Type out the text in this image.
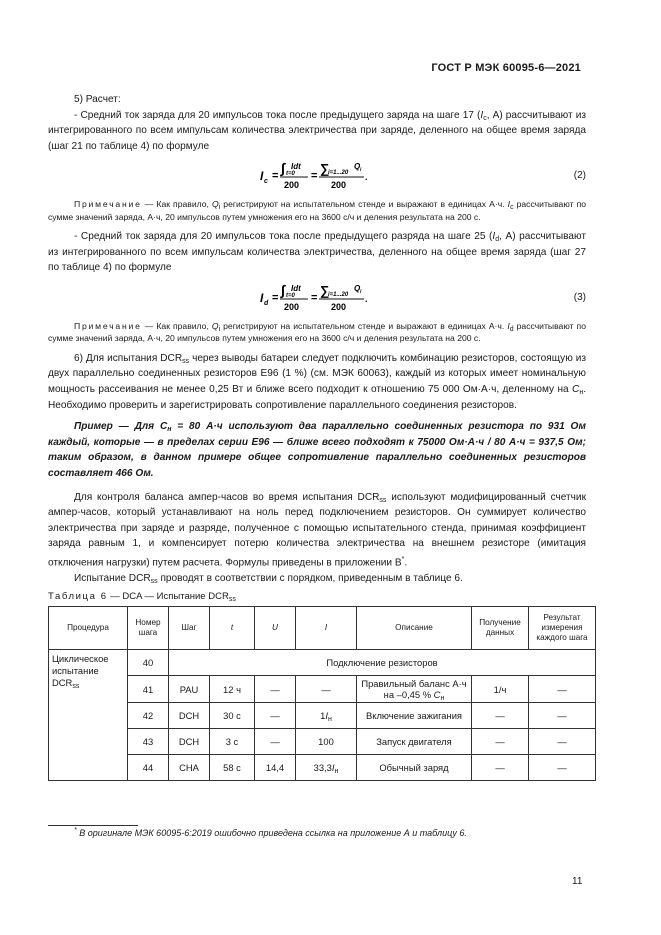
ГОСТ Р МЭК 60095-6—2021

5) Расчет:

- Средний ток заряда для 20 импульсов тока после предыдущего заряда на шаге 17 ($I_c$, А) рассчитывают из интегрированного по всем импульсам количества электричества при заряде, деленного на общее время заряда (шаг 21 по таблице 4) по формуле

I c = ∫ t=0
Idt
200
= ∑
i=1...20
Q i
200
.	(2)

Примечание — Как правило, $Q_i$ регистрируют на испытательном стенде и выражают в единицах А·ч. $I_c$ рассчитывают по сумме значений заряда, А·ч, 20 импульсов путем умножения его на 3600 с/ч и деления результата на 200 с.

- Средний ток заряда для 20 импульсов тока после предыдущего разряда на шаге 25 ($I_d$, А) рассчитывают из интегрированного по всем импульсам количества электричества, деленного на общее время заряда (шаг 27 по таблице 4) по формуле

I d = ∫ t=0
Idt
200
= ∑
i=1...20
Q i
200
.	(3)

Примечание — Как правило, $Q_i$ регистрируют на испытательном стенде и выражают в единицах А·ч. $I_d$ рассчитывают по сумме значений заряда, А·ч, 20 импульсов путем умножения его на 3600 с/ч и деления результата на 200 с.

6) Для испытания $DCR_{ss}$ через выводы батареи следует подключить комбинацию резисторов, состоящую из двух параллельно соединенных резисторов Е96 (1 %) (см. МЭК 60063), каждый из которых имеет номинальную мощность рассеивания не менее 0,25 Вт и ближе всего подходит к отношению 75 000 Ом·А·ч, деленному на $C_н$. Необходимо проверить и зарегистрировать сопротивление параллельного соединения резисторов.

Пример — Для $C_н = 80$ А·ч используют два параллельно соединенных резистора по 931 Ом каждый, которые — в пределах серии Е96 — ближе всего подходят к 75000 Ом·А·ч / 80 А·ч = 937,5 Ом; таким образом, в данном примере общее сопротивление параллельно соединенных резисторов составляет 466 Ом.

Для контроля баланса ампер-часов во время испытания $DCR_{ss}$ используют модифицированный счетчик ампер-часов, который устанавливают на ноль перед подключением резисторов. Он суммирует количество электричества при заряде и разряде, полученное с помощью испытательного стенда, принимая коэффициент заряда равным 1, и компенсирует потерю количества электричества на внешнем резисторе (имитация отключения нагрузки) путем расчета. Формулы приведены в приложении В*.

Испытание $DCR_{ss}$ проводят в соответствии с порядком, приведенным в таблице 6.

Таблица 6 — DCA — Испытание $DCR_{ss}$
Процедура	Номер шага	Шаг	t	U	I	Описание	Получение данных	Результат измерения каждого шага
Циклическое испытание $DCR_{ss}$	40	Подключение резисторов						
	41	PAU	12 ч	—	—	Правильный баланс А·ч на –0,45 % $C_н$	1/ч	—
	42	DCH	30 с	—	$1I_н$	Включение зажигания	—	—
	43	DCH	3 с	—	100	Запуск двигателя	—	—
	44	CHA	58 с	14,4	$33,3I_н$	Обычный заряд	—	—
* В оригинале МЭК 60095-6:2019 ошибочно приведена ссылка на приложение А и таблицу 6.
11
